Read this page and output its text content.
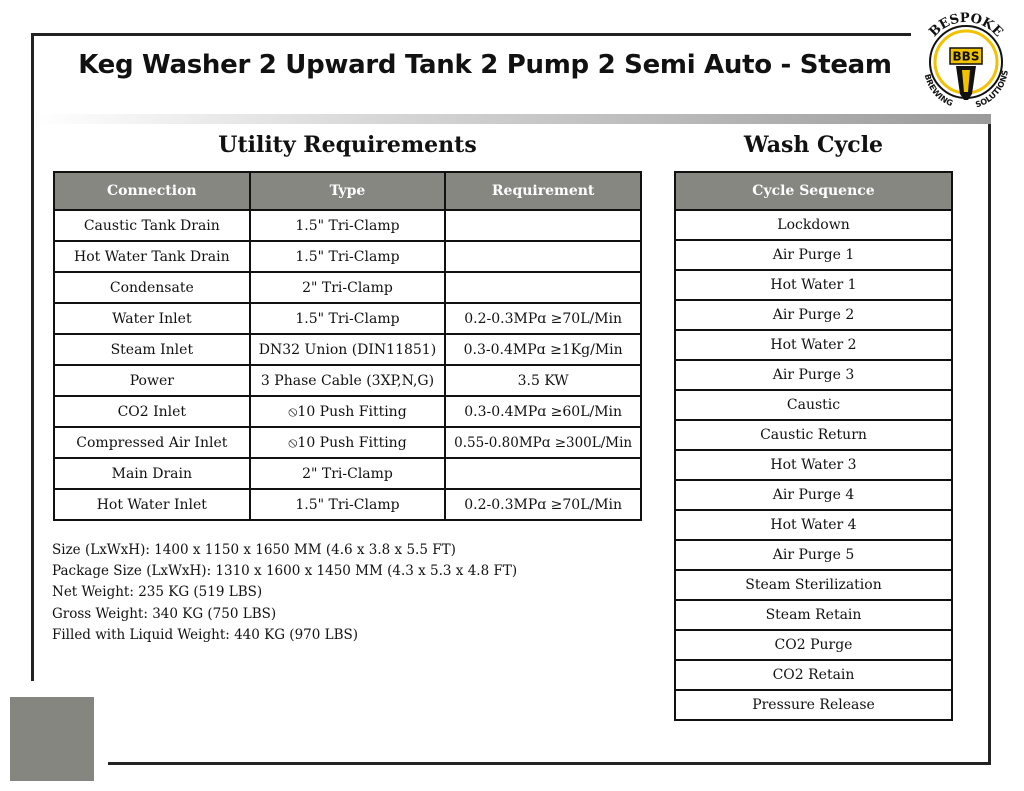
Keg Washer 2 Upward Tank 2 Pump 2 Semi Auto - Steam
BESPOKE
BREWING SOLUTIONS
BBS
Utility Requirements	Wash Cycle
Connection	Type	Requirement
Caustic Tank Drain	1.5" Tri-Clamp	
Hot Water Tank Drain	1.5" Tri-Clamp	
Condensate	2" Tri-Clamp	
Water Inlet	1.5" Tri-Clamp	0.2-0.3MPɑ ≥70L/Min
Steam Inlet	DN32 Union (DIN11851)	0.3-0.4MPɑ ≥1Kg/Min
Power	3 Phase Cable (3XP,N,G)	3.5 KW
CO2 Inlet	⦸10 Push Fitting	0.3-0.4MPɑ ≥60L/Min
Compressed Air Inlet	⦸10 Push Fitting	0.55-0.80MPɑ ≥300L/Min
Main Drain	2" Tri-Clamp	
Hot Water Inlet	1.5" Tri-Clamp	0.2-0.3MPɑ ≥70L/Min
Size (LxWxH): 1400 x 1150 x 1650 MM (4.6 x 3.8 x 5.5 FT)
Package Size (LxWxH): 1310 x 1600 x 1450 MM (4.3 x 5.3 x 4.8 FT)
Net Weight: 235 KG (519 LBS)
Gross Weight: 340 KG (750 LBS)
Filled with Liquid Weight: 440 KG (970 LBS)
Cycle Sequence
Lockdown
Air Purge 1
Hot Water 1
Air Purge 2
Hot Water 2
Air Purge 3
Caustic
Caustic Return
Hot Water 3
Air Purge 4
Hot Water 4
Air Purge 5
Steam Sterilization
Steam Retain
CO2 Purge
CO2 Retain
Pressure Release
